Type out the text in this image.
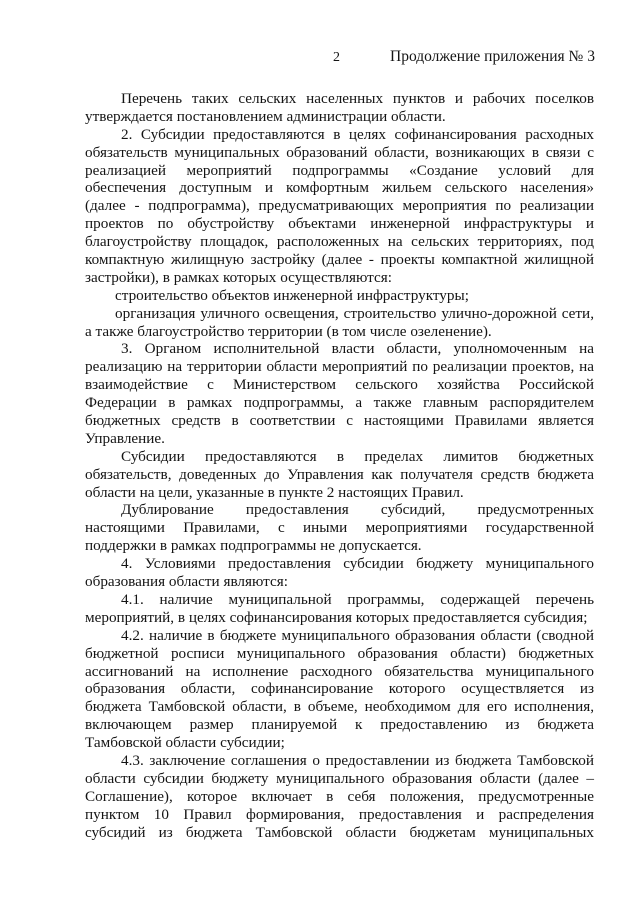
2	Продолжение приложения № 3
Перечень таких сельских населенных пунктов и рабочих поселков
утверждается постановлением администрации области.
2. Субсидии предоставляются в целях софинансирования расходных
обязательств муниципальных образований области, возникающих в связи с
реализацией мероприятий подпрограммы «Создание условий для
обеспечения доступным и комфортным жильем сельского населения»
(далее - подпрограмма), предусматривающих мероприятия по реализации
проектов по обустройству объектами инженерной инфраструктуры и
благоустройству площадок, расположенных на сельских территориях, под
компактную жилищную застройку (далее - проекты компактной жилищной
застройки), в рамках которых осуществляются:
строительство объектов инженерной инфраструктуры;
организация уличного освещения, строительство улично-дорожной сети,
а также благоустройство территории (в том числе озеленение).
3. Органом исполнительной власти области, уполномоченным на
реализацию на территории области мероприятий по реализации проектов, на
взаимодействие с Министерством сельского хозяйства Российской
Федерации в рамках подпрограммы, а также главным распорядителем
бюджетных средств в соответствии с настоящими Правилами является
Управление.
Субсидии предоставляются в пределах лимитов бюджетных
обязательств, доведенных до Управления как получателя средств бюджета
области на цели, указанные в пункте 2 настоящих Правил.
Дублирование предоставления субсидий, предусмотренных
настоящими Правилами, с иными мероприятиями государственной
поддержки в рамках подпрограммы не допускается.
4. Условиями предоставления субсидии бюджету муниципального
образования области являются:
4.1. наличие муниципальной программы, содержащей перечень
мероприятий, в целях софинансирования которых предоставляется субсидия;
4.2. наличие в бюджете муниципального образования области (сводной
бюджетной росписи муниципального образования области) бюджетных
ассигнований на исполнение расходного обязательства муниципального
образования области, софинансирование которого осуществляется из
бюджета Тамбовской области, в объеме, необходимом для его исполнения,
включающем размер планируемой к предоставлению из бюджета
Тамбовской области субсидии;
4.3. заключение соглашения о предоставлении из бюджета Тамбовской
области субсидии бюджету муниципального образования области (далее –
Соглашение), которое включает в себя положения, предусмотренные
пунктом 10 Правил формирования, предоставления и распределения
субсидий из бюджета Тамбовской области бюджетам муниципальных
